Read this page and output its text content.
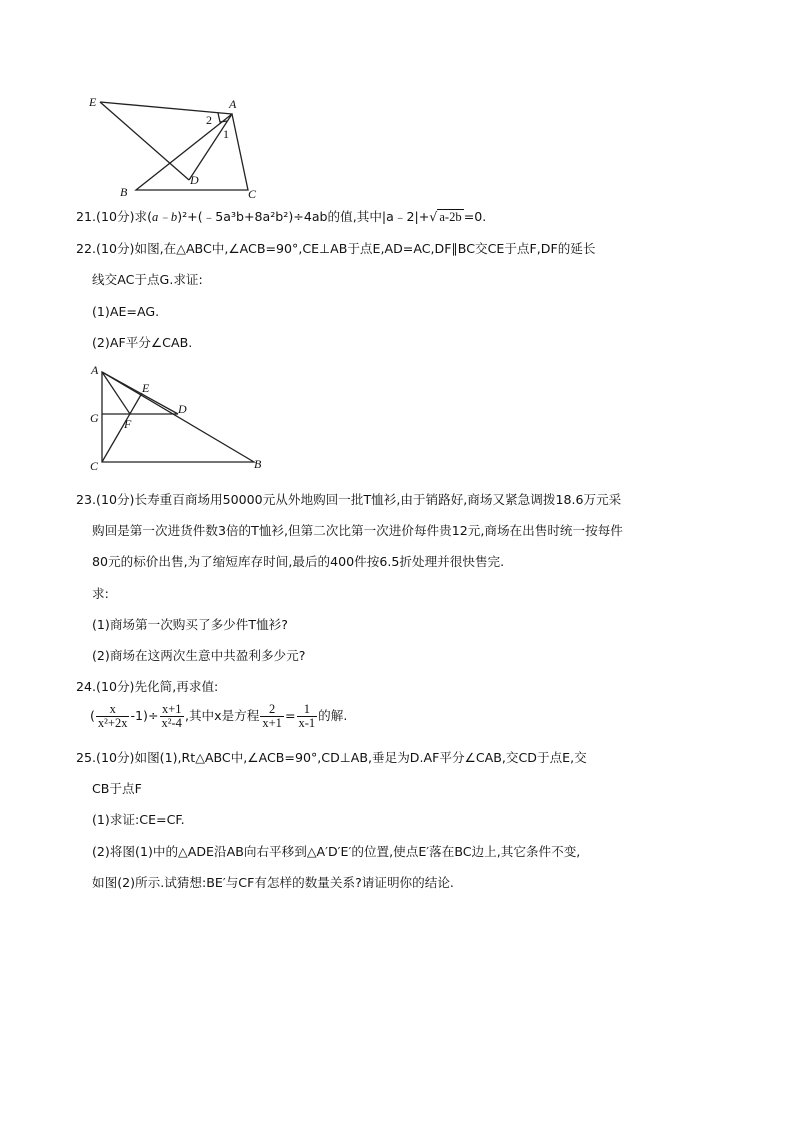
E	A
2
1
B
D
C
21.(10分)求(a﹣b)²+(﹣5a³b+8a²b²)÷4ab的值,其中|a﹣2|+√ a-2b =0.
22.(10分)如图,在△ABC中,∠ACB=90°,CE⊥AB于点E,AD=AC,DF∥BC交CE于点F,DF的延长
线交AC于点G.求证:
(1)AE=AG.
(2)AF平分∠CAB.
A
E
G
D
F
C	B
23.(10分)长寿重百商场用50000元从外地购回一批T恤衫,由于销路好,商场又紧急调拨18.6万元采
购回是第一次进货件数3倍的T恤衫,但第二次比第一次进价每件贵12元,商场在出售时统一按每件
80元的标价出售,为了缩短库存时间,最后的400件按6.5折处理并很快售完.
求:
(1)商场第一次购买了多少件T恤衫?
(2)商场在这两次生意中共盈利多少元?
24.(10分)先化简,再求值:
( $\frac{x}{\text{x²+2x}} -1)\div \frac{x+1}{\text{x²-4}}$ ,其中x是方程 $\frac{2}{x+1} = \frac{1}{x-1}$ 的解.
25.(10分)如图(1),Rt△ABC中,∠ACB=90°,CD⊥AB,垂足为D.AF平分∠CAB,交CD于点E,交
CB于点F
(1)求证:CE=CF.
(2)将图(1)中的△ADE沿AB向右平移到△A′D′E′的位置,使点E′落在BC边上,其它条件不变,
如图(2)所示.试猜想:BE′与CF有怎样的数量关系?请证明你的结论.
